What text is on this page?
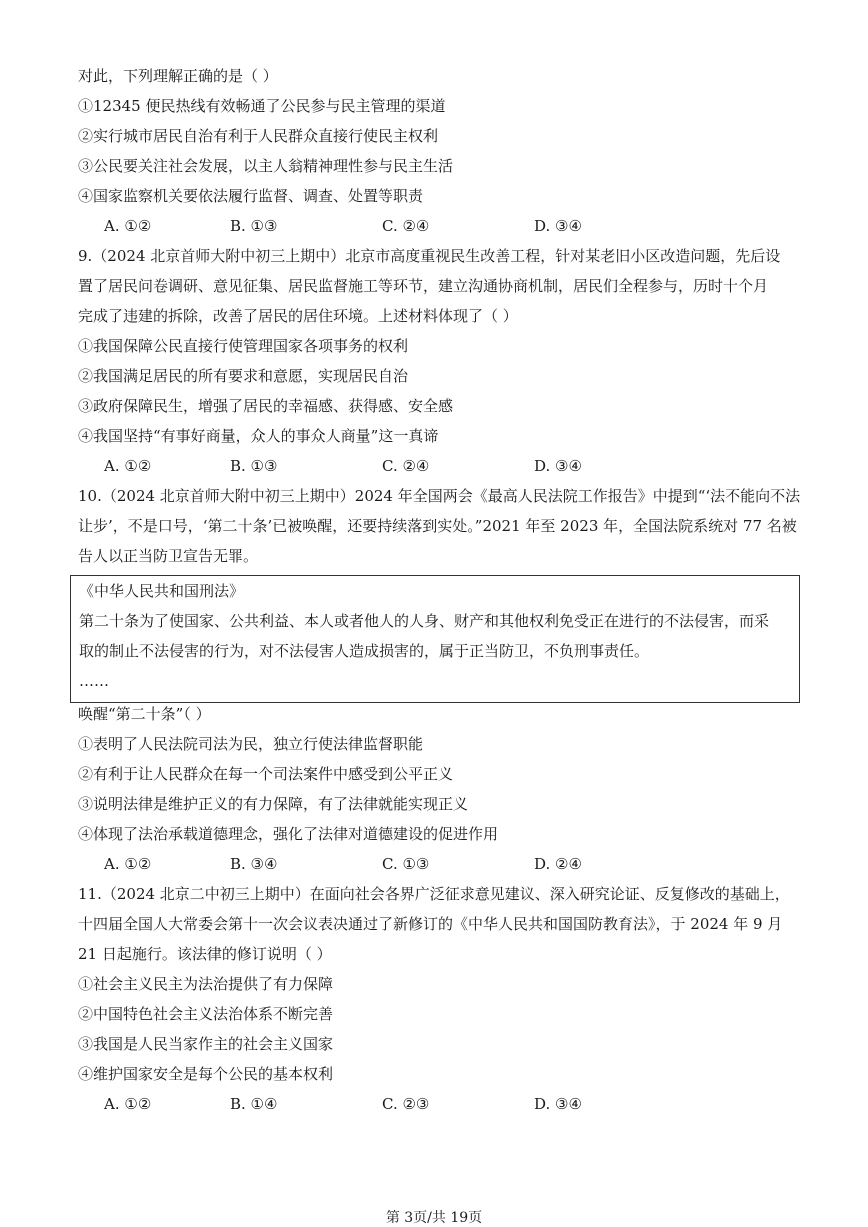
对此，下列理解正确的是（ ）
①12345 便民热线有效畅通了公民参与民主管理的渠道
②实行城市居民自治有利于人民群众直接行使民主权利
③公民要关注社会发展，以主人翁精神理性参与民主生活
④国家监察机关要依法履行监督、调查、处置等职责
A. ①②	B. ①③	C. ②④	D. ③④
9.（2024 北京首师大附中初三上期中）北京市高度重视民生改善工程，针对某老旧小区改造问题，先后设
置了居民问卷调研、意见征集、居民监督施工等环节，建立沟通协商机制，居民们全程参与，历时十个月
完成了违建的拆除，改善了居民的居住环境。上述材料体现了（ ）
①我国保障公民直接行使管理国家各项事务的权利
②我国满足居民的所有要求和意愿，实现居民自治
③政府保障民生，增强了居民的幸福感、获得感、安全感
④我国坚持“有事好商量，众人的事众人商量”这一真谛
A. ①②	B. ①③	C. ②④	D. ③④
10.（2024 北京首师大附中初三上期中）2024 年全国两会《最高人民法院工作报告》中提到“‘法不能向不法
让步’，不是口号，‘第二十条’已被唤醒，还要持续落到实处。”2021 年至 2023 年，全国法院系统对 77 名被
告人以正当防卫宣告无罪。
《中华人民共和国刑法》
第二十条为了使国家、公共利益、本人或者他人的人身、财产和其他权利免受正在进行的不法侵害，而采
取的制止不法侵害的行为，对不法侵害人造成损害的，属于正当防卫，不负刑事责任。
……
唤醒“第二十条”（ ）
①表明了人民法院司法为民，独立行使法律监督职能
②有利于让人民群众在每一个司法案件中感受到公平正义
③说明法律是维护正义的有力保障，有了法律就能实现正义
④体现了法治承载道德理念，强化了法律对道德建设的促进作用
A. ①②	B. ③④	C. ①③	D. ②④
11.（2024 北京二中初三上期中）在面向社会各界广泛征求意见建议、深入研究论证、反复修改的基础上，
十四届全国人大常委会第十一次会议表决通过了新修订的《中华人民共和国国防教育法》，于 2024 年 9 月
21 日起施行。该法律的修订说明（ ）
①社会主义民主为法治提供了有力保障
②中国特色社会主义法治体系不断完善
③我国是人民当家作主的社会主义国家
④维护国家安全是每个公民的基本权利
A. ①②	B. ①④	C. ②③	D. ③④
第 3页/共 19页
